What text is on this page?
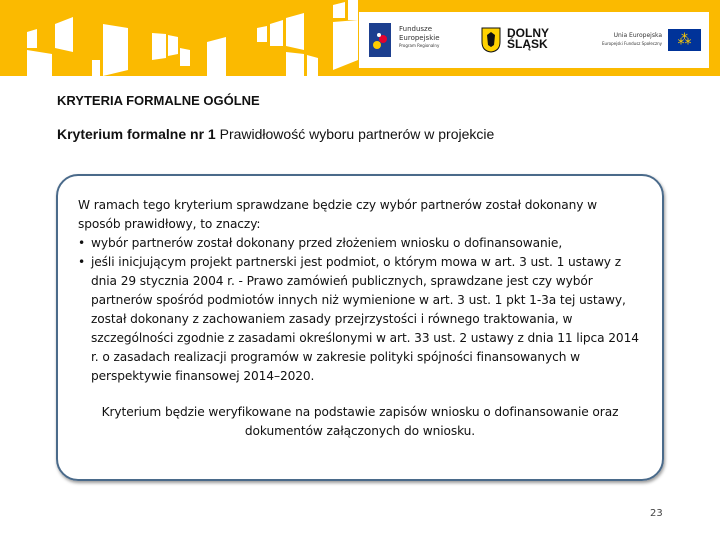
Fundusze Europejskie
Program Regionalny
DOLNY
ŚLĄSK
Unia Europejska
Europejski Fundusz Społeczny	⁂
KRYTERIA FORMALNE OGÓLNE
Kryterium formalne nr 1 Prawidłowość wyboru partnerów w projekcie
W ramach tego kryterium sprawdzane będzie czy wybór partnerów został dokonany w sposób prawidłowy, to znaczy:
• wybór partnerów został dokonany przed złożeniem wniosku o dofinansowanie,
• jeśli inicjującym projekt partnerski jest podmiot, o którym mowa w art. 3 ust. 1 ustawy z dnia 29 stycznia 2004 r. - Prawo zamówień publicznych, sprawdzane jest czy wybór partnerów spośród podmiotów innych niż wymienione w art. 3 ust. 1 pkt 1-3a tej ustawy, został dokonany z zachowaniem zasady przejrzystości i równego traktowania, w szczególności zgodnie z zasadami określonymi w art. 33 ust. 2 ustawy z dnia 11 lipca 2014 r. o zasadach realizacji programów w zakresie polityki spójności finansowanych w perspektywie finansowej 2014–2020.
Kryterium będzie weryfikowane na podstawie zapisów wniosku o dofinansowanie oraz dokumentów załączonych do wniosku.
23
